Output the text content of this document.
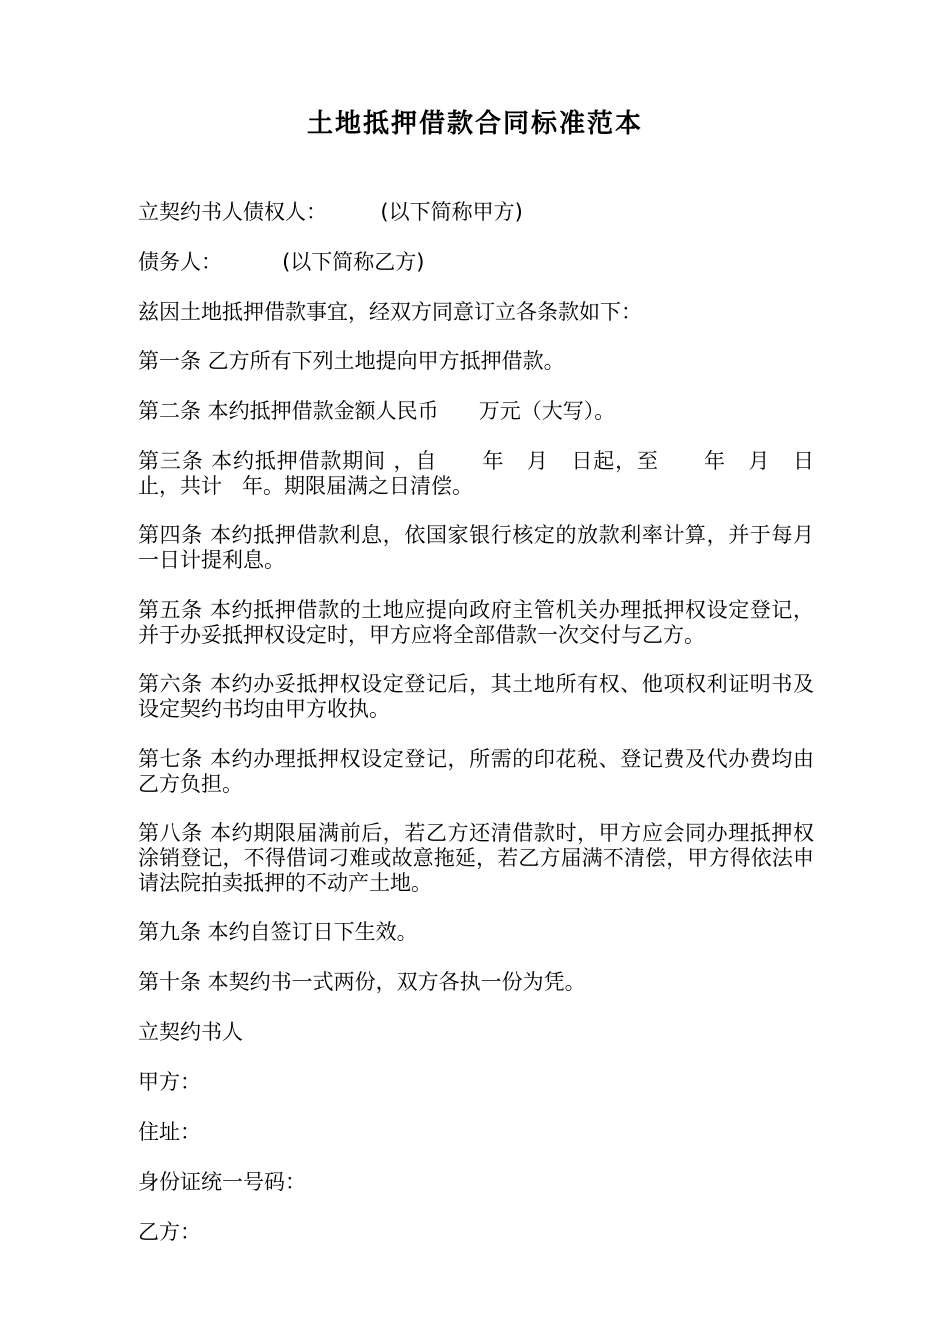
土地抵押借款合同标准范本

立契约书人债权人：        (以下简称甲方)

债务人：         (以下简称乙方)

兹因土地抵押借款事宜，经双方同意订立各条款如下：

第一条 乙方所有下列土地提向甲方抵押借款。

第二条 本约抵押借款金额人民币      万元（大写）。

第三条 本约抵押借款期间 ，自      年   月   日起，至      年   月   日止，共计   年。期限届满之日清偿。

第四条 本约抵押借款利息，依国家银行核定的放款利率计算，并于每月一日计提利息。

第五条 本约抵押借款的土地应提向政府主管机关办理抵押权设定登记，并于办妥抵押权设定时，甲方应将全部借款一次交付与乙方。

第六条 本约办妥抵押权设定登记后，其土地所有权、他项权利证明书及设定契约书均由甲方收执。

第七条 本约办理抵押权设定登记，所需的印花税、登记费及代办费均由乙方负担。

第八条 本约期限届满前后，若乙方还清借款时，甲方应会同办理抵押权涂销登记，不得借词刁难或故意拖延，若乙方届满不清偿，甲方得依法申请法院拍卖抵押的不动产土地。

第九条 本约自签订日下生效。

第十条 本契约书一式两份，双方各执一份为凭。

立契约书人

甲方：

住址：

身份证统一号码：

乙方：
